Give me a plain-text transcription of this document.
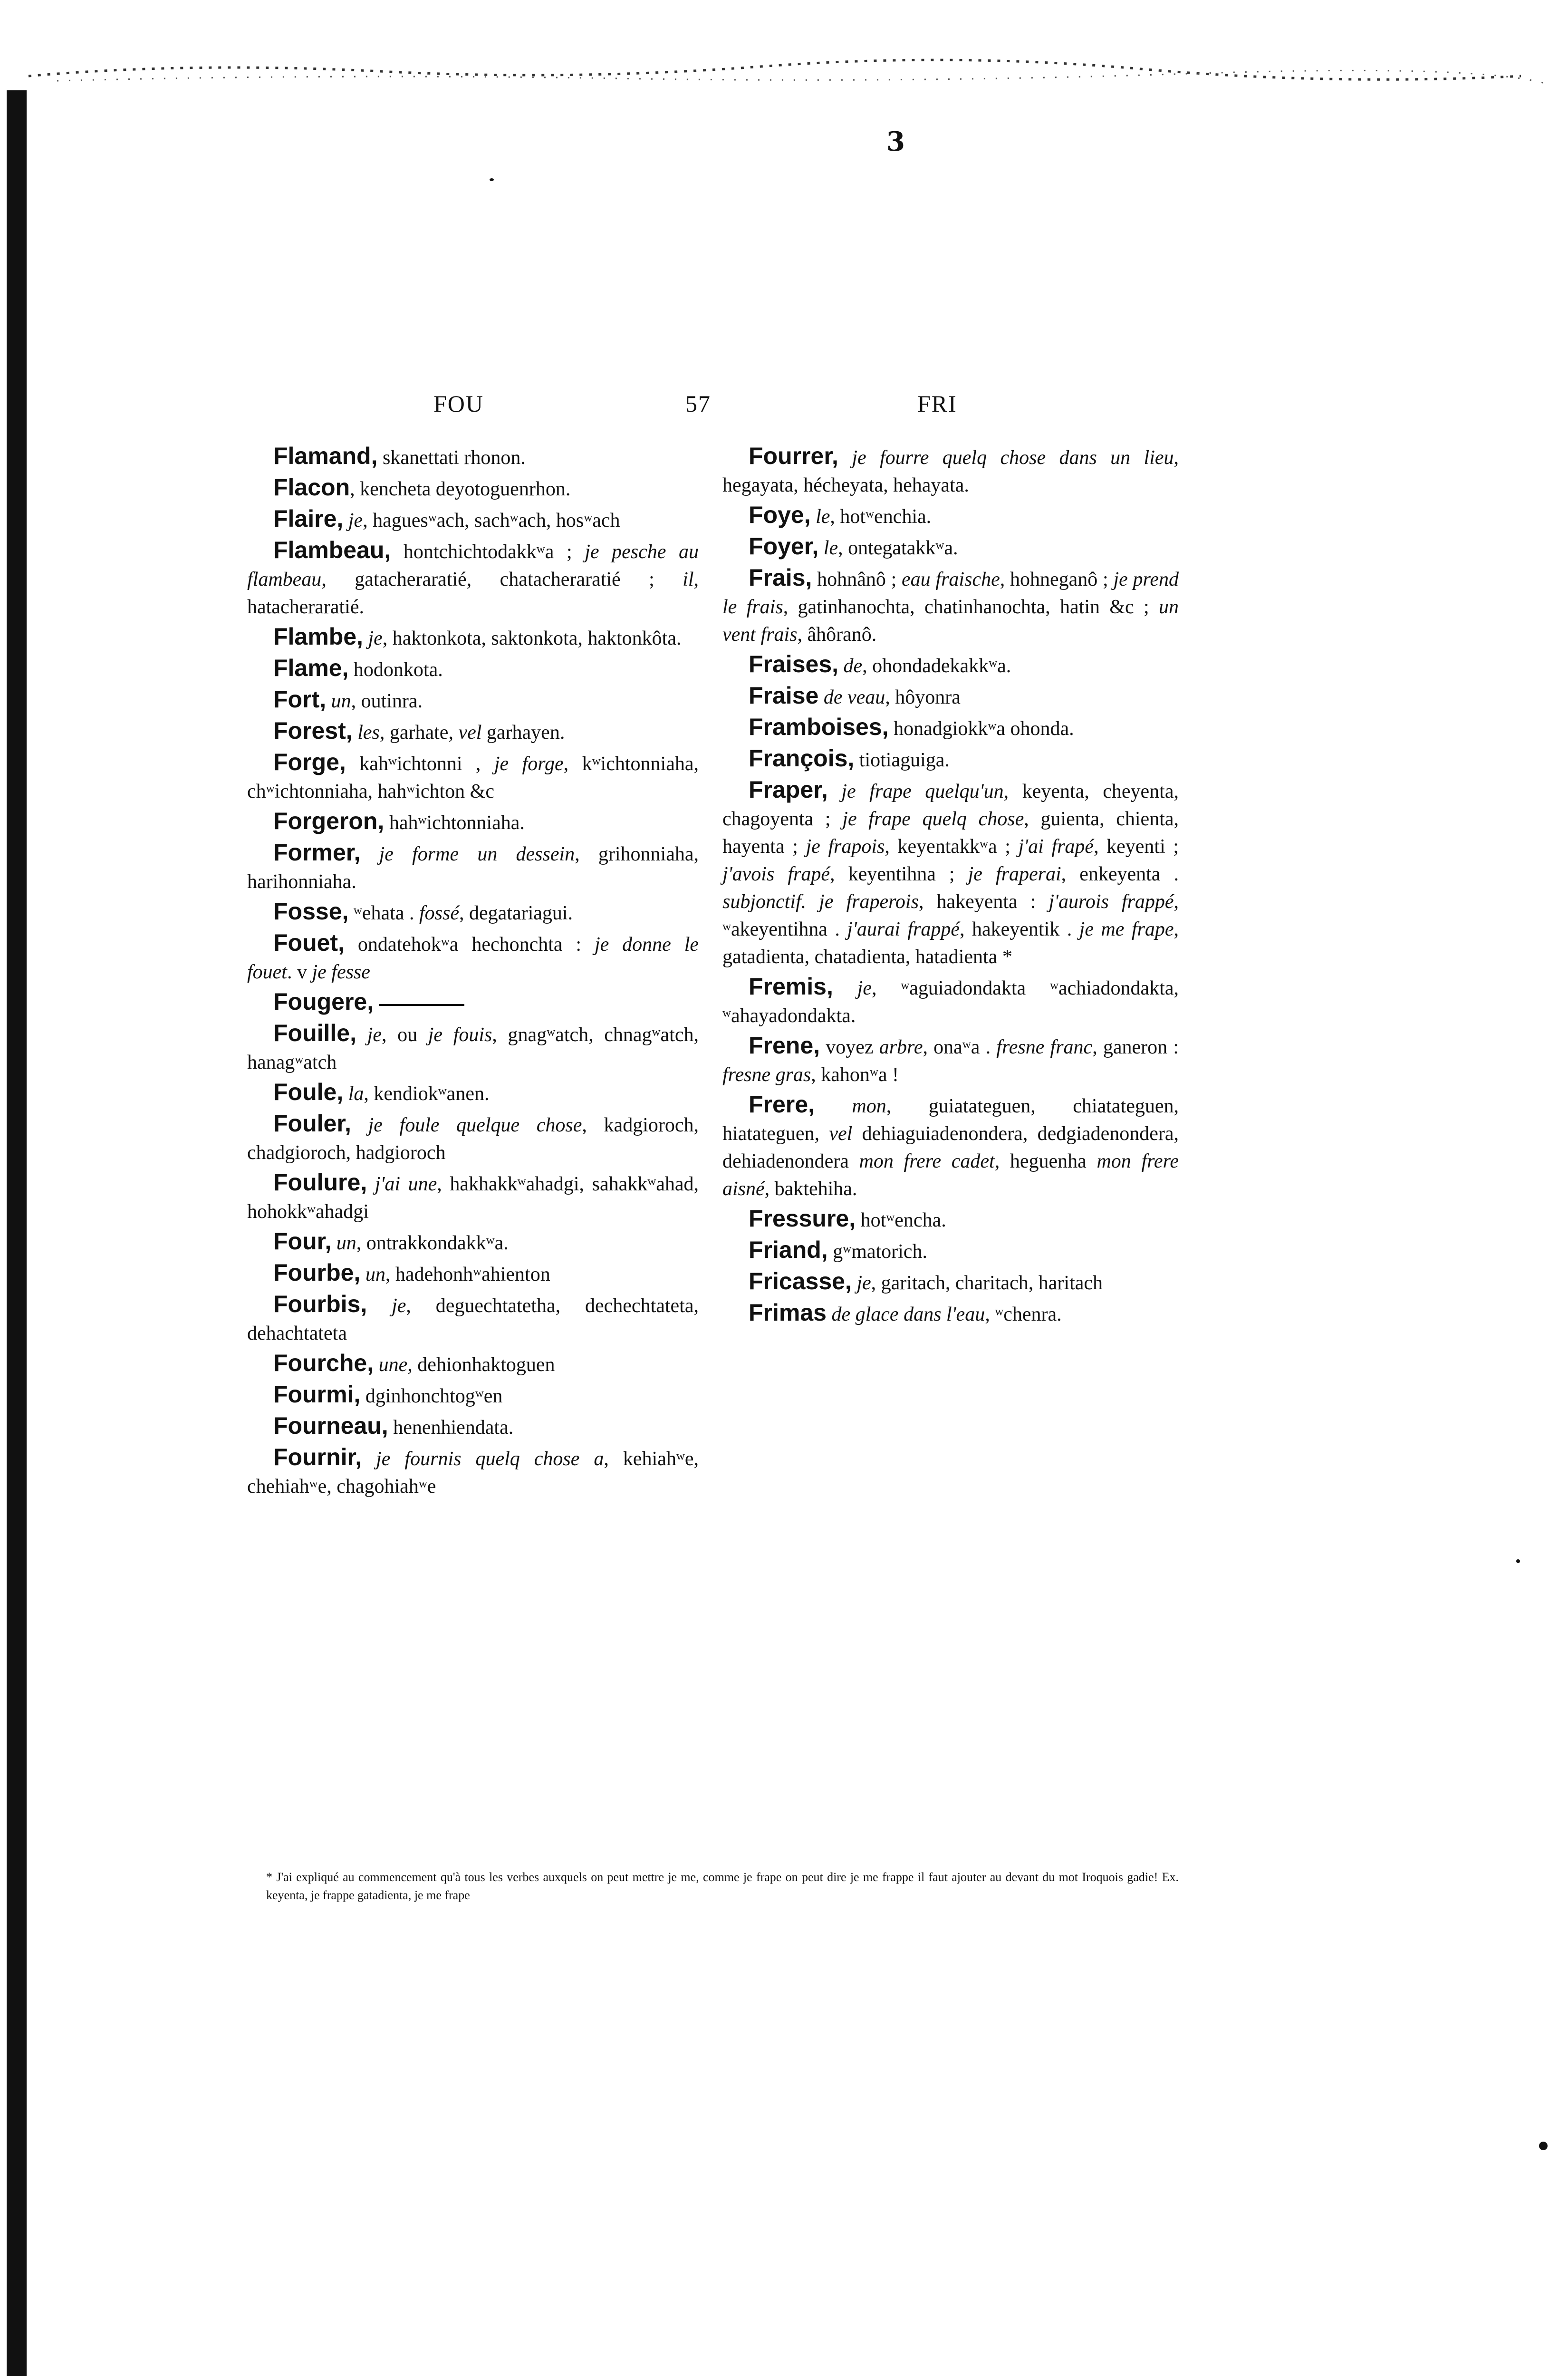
3
FOU	57	FRI

Flamand, skanettati rhonon.

Flacon, kencheta deyotoguenrhon.

Flaire, je, haguesʷach, sachʷach, hosʷach

Flambeau, hontchichtodakkʷa ; je pesche au flambeau, gatacheraratié, chatacheraratié ; il, hatacheraratié.

Flambe, je, haktonkota, saktonkota, haktonkôta.

Flame, hodonkota.

Fort, un, outinra.

Forest, les, garhate, vel garhayen.

Forge, kahʷichtonni , je forge, kʷichtonniaha, chʷichtonniaha, hahʷichton &c

Forgeron, hahʷichtonniaha.

Former, je forme un dessein, grihonniaha, harihonniaha.

Fosse, ʷehata . fossé, degatariagui.

Fouet, ondatehokʷa hechonchta : je donne le fouet. v je fesse

Fougere,

Fouille, je, ou je fouis, gnagʷatch, chnagʷatch, hanagʷatch

Foule, la, kendiokʷanen.

Fouler, je foule quelque chose, kadgioroch, chadgioroch, hadgioroch

Foulure, j'ai une, hakhakkʷahadgi, sahakkʷahad, hohokkʷahadgi

Four, un, ontrakkondakkʷa.

Fourbe, un, hadehonhʷahienton

Fourbis, je, deguechtatetha, dechechtateta, dehachtateta

Fourche, une, dehionhaktoguen

Fourmi, dginhonchtogʷen

Fourneau, henenhiendata.

Fournir, je fournis quelq chose a, kehiahʷe, chehiahʷe, chagohiahʷe

Fourrer, je fourre quelq chose dans un lieu, hegayata, hécheyata, hehayata.

Foye, le, hotʷenchia.

Foyer, le, ontegatakkʷa.

Frais, hohnânô ; eau fraische, hohneganô ; je prend le frais, gatinhanochta, chatinhanochta, hatin &c ; un vent frais, âhôranô.

Fraises, de, ohondadekakkʷa.

Fraise de veau, hôyonra

Framboises, honadgiokkʷa ohonda.

François, tiotiaguiga.

Fraper, je frape quelqu'un, keyenta, cheyenta, chagoyenta ; je frape quelq chose, guienta, chienta, hayenta ; je frapois, keyentakkʷa ; j'ai frapé, keyenti ; j'avois frapé, keyentihna ; je fraperai, enkeyenta . subjonctif. je fraperois, hakeyenta : j'aurois frappé, ʷakeyentihna . j'aurai frappé, hakeyentik . je me frape, gatadienta, chatadienta, hatadienta *

Fremis, je, ʷaguiadondakta ʷachiadondakta, ʷahayadondakta.

Frene, voyez arbre, onaʷa . fresne franc, ganeron : fresne gras, kahonʷa !

Frere, mon, guiatateguen, chiatateguen, hiatateguen, vel dehiaguiadenondera, dedgiadenondera, dehiadenondera mon frere cadet, heguenha mon frere aisné, baktehiha.

Fressure, hotʷencha.

Friand, gʷmatorich.

Fricasse, je, garitach, charitach, haritach

Frimas de glace dans l'eau, ʷchenra.

* J'ai expliqué au commencement qu'à tous les verbes auxquels on peut mettre je me, comme je frape on peut dire je me frappe il faut ajouter au devant du mot Iroquois gadie! Ex. keyenta, je frappe gatadienta, je me frape
